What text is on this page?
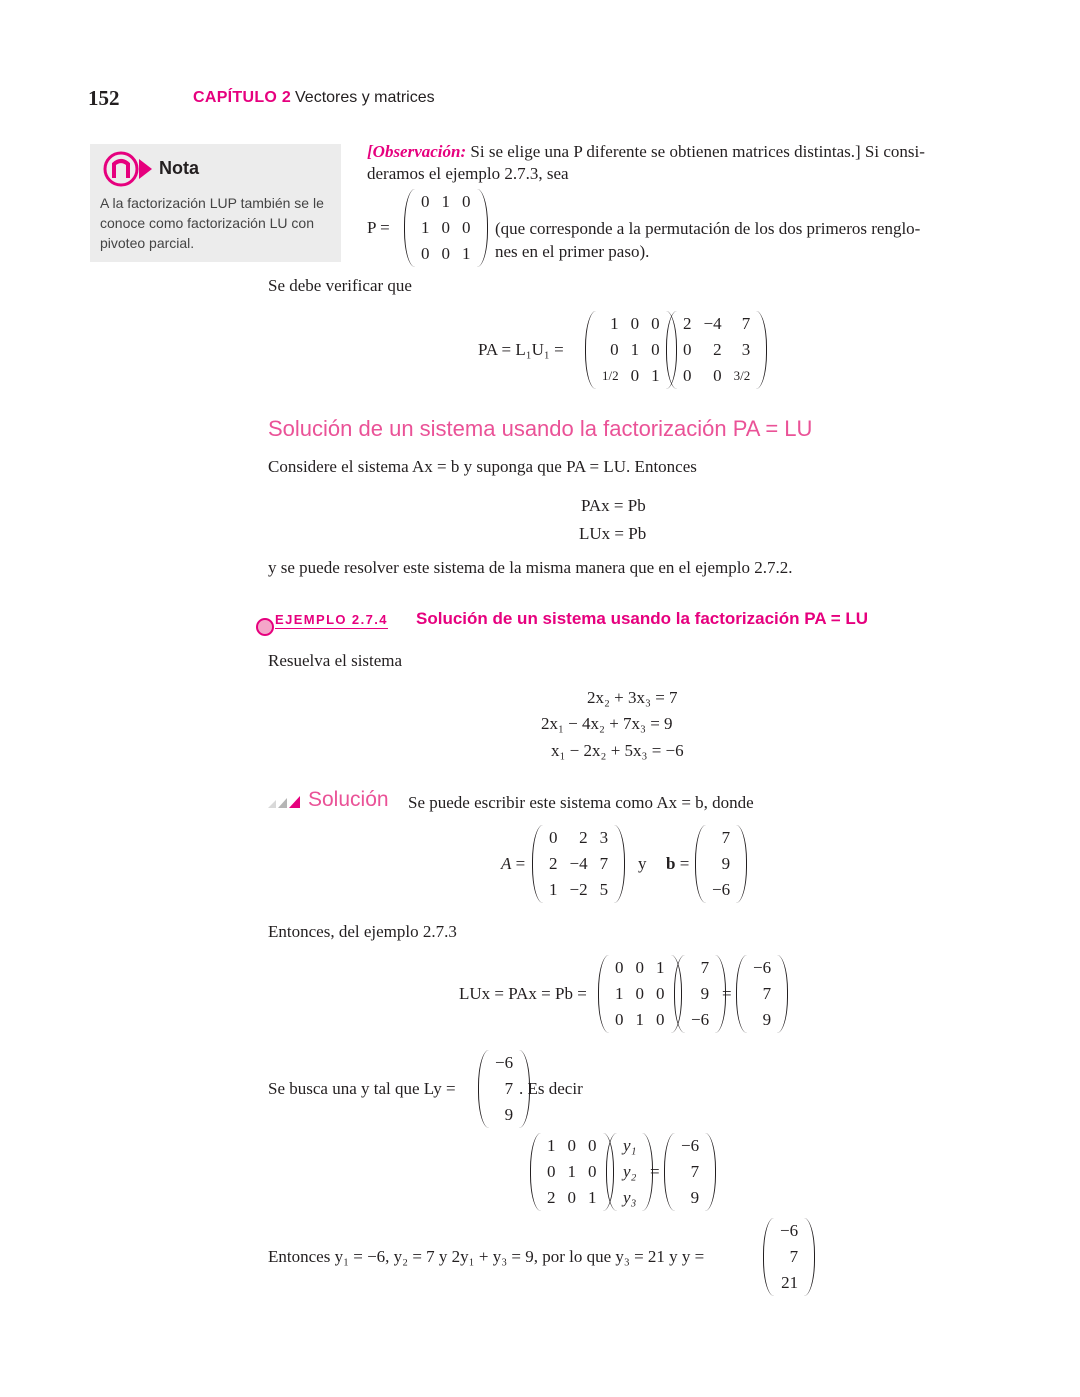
152	CAPÍTULO 2 Vectores y matrices
Nota
A la factorización LUP también se le conoce como factorización LU con pivoteo parcial.
[Observación: Si se elige una P diferente se obtienen matrices distintas.] Si consi-
deramos el ejemplo 2.7.3, sea
P =
0 1 0
1 0 0
0 0 1
(que corresponde a la permutación de los dos primeros renglo-
nes en el primer paso).
Se debe verificar que
PA = L₁U₁ =
1 0 0
0 1 0
1/2 0 1
2 −4	7
0	2	3
0	0 3/2
Solución de un sistema usando la factorización PA = LU
Considere el sistema Ax = b y suponga que PA = LU. Entonces
PAx = Pb
LUx = Pb
y se puede resolver este sistema de la misma manera que en el ejemplo 2.7.2.
EJEMPLO 2.7.4 Solución de un sistema usando la factorización PA = LU
Resuelva el sistema
2x₂ + 3x₃ = 7
2x₁ − 4x₂ + 7x₃ = 9
x₁ − 2x₂ + 5x₃ = −6
Solución Se puede escribir este sistema como Ax = b, donde
A =
0	2 3
2 −4 7
1 −2 5
y b =
7
9
−6
Entonces, del ejemplo 2.7.3
LUx = PAx = Pb =
0 0 1
1 0 0
0 1 0
7
9
−6
=
−6
7
9
Se busca una y tal que Ly =
−6
7
9
. Es decir
1 0 0
0 1 0
2 0 1
y₁
y₂
y₃
=
−6
7
9
Entonces y₁ = −6, y₂ = 7 y 2y₁ + y₃ = 9, por lo que y₃ = 21 y y =
−6
7
21
